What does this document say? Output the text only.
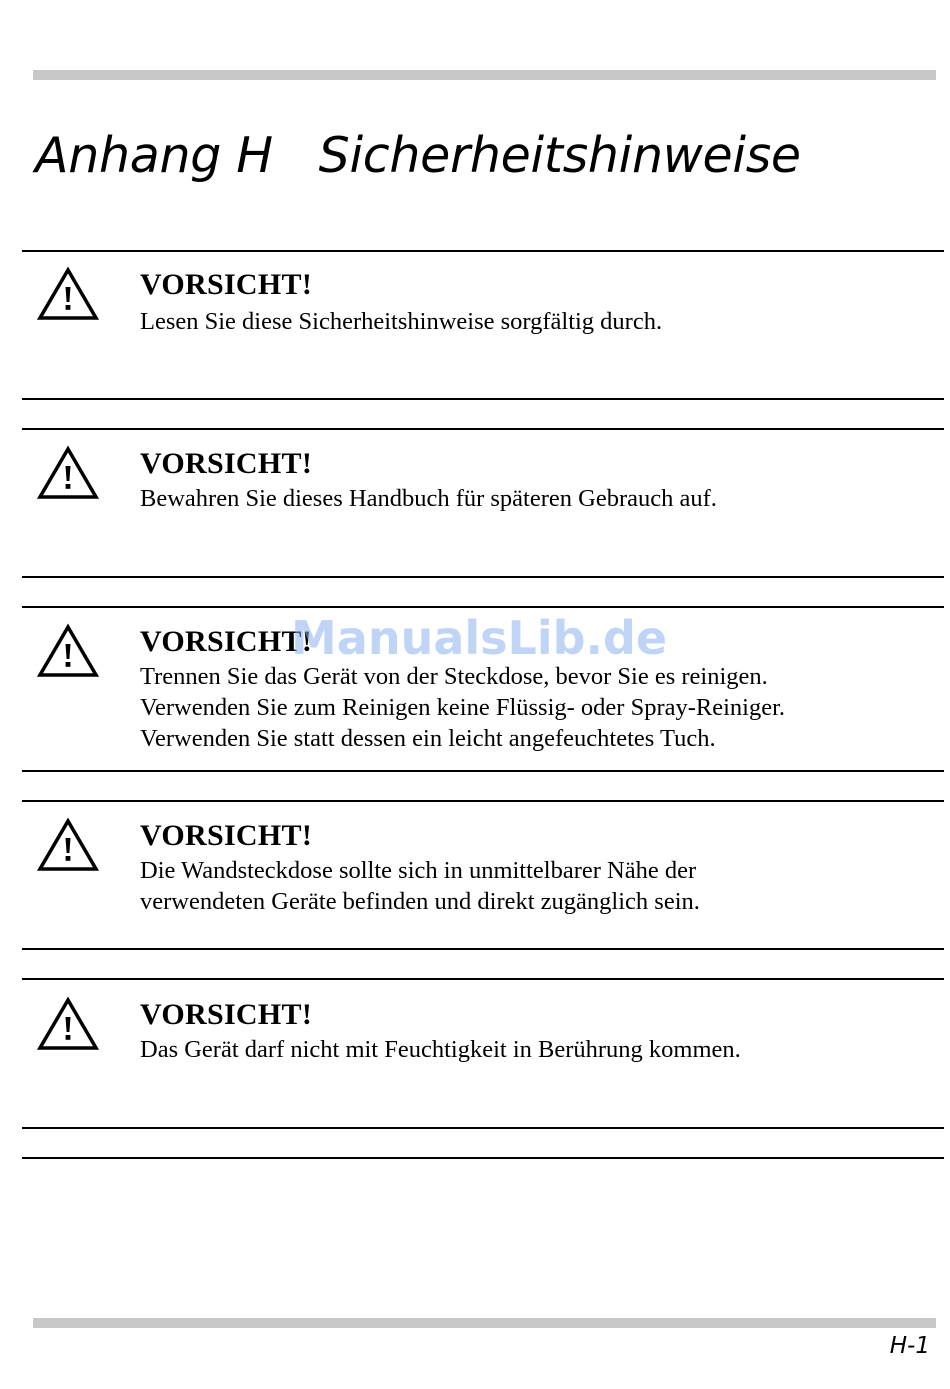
Anhang H   Sicherheitshinweise
VORSICHT!
Lesen Sie diese Sicherheitshinweise sorgfältig durch.
VORSICHT!
Bewahren Sie dieses Handbuch für späteren Gebrauch auf.
VORSICHT!
Trennen Sie das Gerät von der Steckdose, bevor Sie es reinigen.
Verwenden Sie zum Reinigen keine Flüssig- oder Spray-Reiniger.
Verwenden Sie statt dessen ein leicht angefeuchtetes Tuch.
VORSICHT!
Die Wandsteckdose sollte sich in unmittelbarer Nähe der
verwendeten Geräte befinden und direkt zugänglich sein.
VORSICHT!
Das Gerät darf nicht mit Feuchtigkeit in Berührung kommen.
ManualsLib.de
H-1
